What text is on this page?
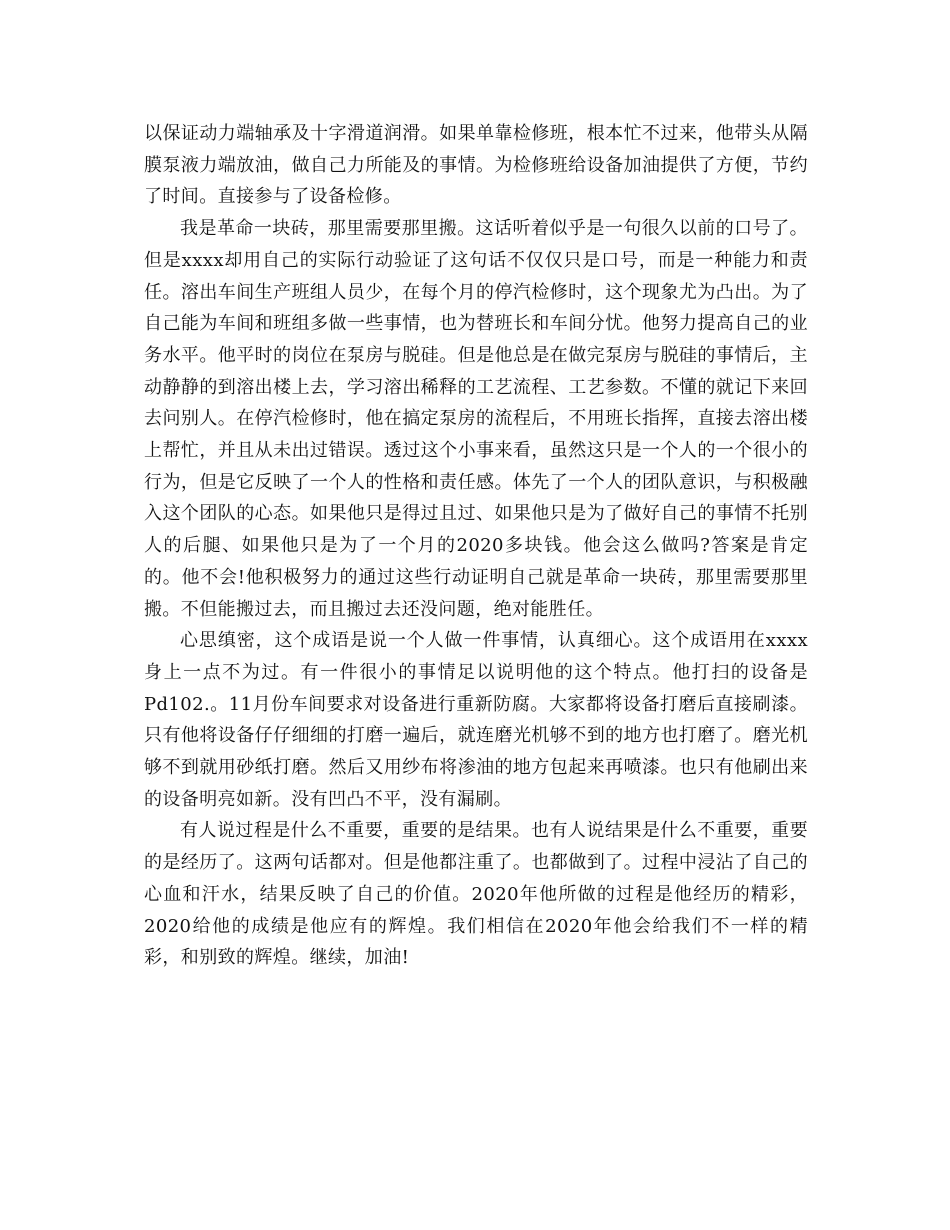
以保证动力端轴承及十字滑道润滑。如果单靠检修班，根本忙不过来，他带头从隔膜泵液力端放油，做自己力所能及的事情。为检修班给设备加油提供了方便，节约了时间。直接参与了设备检修。

我是革命一块砖，那里需要那里搬。这话听着似乎是一句很久以前的口号了。但是xxxx却用自己的实际行动验证了这句话不仅仅只是口号，而是一种能力和责任。溶出车间生产班组人员少，在每个月的停汽检修时，这个现象尤为凸出。为了自己能为车间和班组多做一些事情，也为替班长和车间分忧。他努力提高自己的业务水平。他平时的岗位在泵房与脱硅。但是他总是在做完泵房与脱硅的事情后，主动静静的到溶出楼上去，学习溶出稀释的工艺流程、工艺参数。不懂的就记下来回去问别人。在停汽检修时，他在搞定泵房的流程后，不用班长指挥，直接去溶出楼上帮忙，并且从未出过错误。透过这个小事来看，虽然这只是一个人的一个很小的行为，但是它反映了一个人的性格和责任感。体先了一个人的团队意识，与积极融入这个团队的心态。如果他只是得过且过、如果他只是为了做好自己的事情不托别人的后腿、如果他只是为了一个月的2020多块钱。他会这么做吗?答案是肯定的。他不会!他积极努力的通过这些行动证明自己就是革命一块砖，那里需要那里搬。不但能搬过去，而且搬过去还没问题，绝对能胜任。

心思缜密，这个成语是说一个人做一件事情，认真细心。这个成语用在xxxx身上一点不为过。有一件很小的事情足以说明他的这个特点。他打扫的设备是Pd102.。11月份车间要求对设备进行重新防腐。大家都将设备打磨后直接刷漆。只有他将设备仔仔细细的打磨一遍后，就连磨光机够不到的地方也打磨了。磨光机够不到就用砂纸打磨。然后又用纱布将渗油的地方包起来再喷漆。也只有他刷出来的设备明亮如新。没有凹凸不平，没有漏刷。

有人说过程是什么不重要，重要的是结果。也有人说结果是什么不重要，重要的是经历了。这两句话都对。但是他都注重了。也都做到了。过程中浸沾了自己的心血和汗水，结果反映了自己的价值。2020年他所做的过程是他经历的精彩，2020给他的成绩是他应有的辉煌。我们相信在2020年他会给我们不一样的精彩，和别致的辉煌。继续，加油!
